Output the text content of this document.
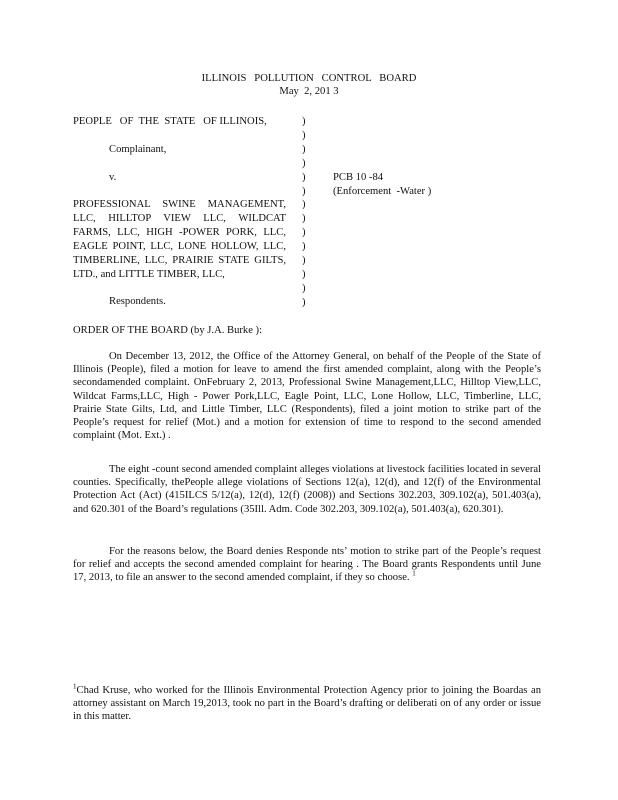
ILLINOIS   POLLUTION   CONTROL   BOARD
May  2, 201 3
PEOPLE   OF  THE  STATE   OF ILLINOIS,
Complainant,
v.
PROFESSIONAL SWINE MANAGEMENT, LLC, HILLTOP VIEW LLC, WILDCAT FARMS, LLC, HIGH -POWER PORK, LLC, EAGLE POINT, LLC, LONE HOLLOW, LLC, TIMBERLINE, LLC, PRAIRIE STATE GILTS, LTD., and LITTLE TIMBER, LLC,
Respondents.
)
)
)
)
)
)
)
)
)
)
)
)
)
)
PCB 10 -84
(Enforcement  -Water )
ORDER OF THE BOARD (by J.A. Burke ):

On December 13, 2012, the Office of the Attorney General, on behalf of the People of the State of Illinois (People), filed a motion for leave to amend the first amended complaint, along with the People’s secondamended complaint. OnFebruary 2, 2013, Professional Swine Management,LLC, Hilltop View,LLC, Wildcat Farms,LLC, High - Power Pork,LLC, Eagle Point, LLC, Lone Hollow, LLC, Timberline, LLC, Prairie State Gilts, Ltd, and Little Timber, LLC (Respondents), filed a joint motion to strike part of the People’s request for relief (Mot.) and a motion for extension of time to respond to the second amended complaint (Mot. Ext.) .

The eight -count second amended complaint alleges violations at livestock facilities located in several counties. Specifically, thePeople allege violations of Sections 12(a), 12(d), and 12(f) of the Environmental Protection Act (Act) (415ILCS 5/12(a), 12(d), 12(f) (2008)) and Sections 302.203, 309.102(a), 501.403(a), and 620.301 of the Board’s regulations (35Ill. Adm. Code 302.203, 309.102(a), 501.403(a), 620.301).

For the reasons below, the Board denies Responde nts’ motion to strike part of the People’s request for relief and accepts the second amended complaint for hearing . The Board grants Respondents until June 17, 2013, to file an answer to the second amended complaint, if they so choose. $^1$

$^1$Chad Kruse, who worked for the Illinois Environmental Protection Agency prior to joining the Boardas an attorney assistant on March 19,2013, took no part in the Board’s drafting or deliberati on of any order or issue in this matter.
